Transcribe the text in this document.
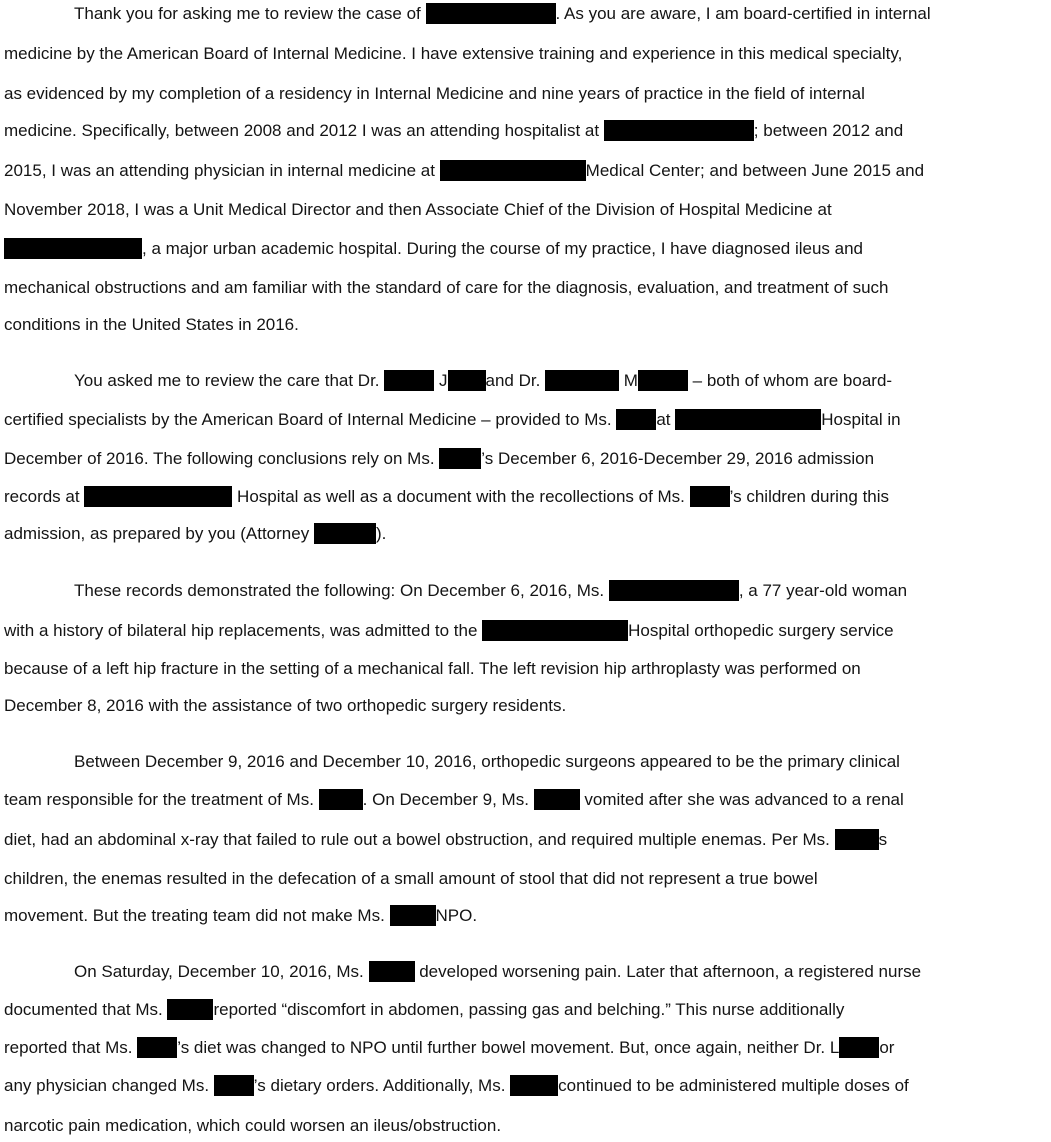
Thank you for asking me to review the case of	. As you are aware, I am board-certified in internal
medicine by the American Board of Internal Medicine. I have extensive training and experience in this medical specialty,
as evidenced by my completion of a residency in Internal Medicine and nine years of practice in the field of internal
medicine. Specifically, between 2008 and 2012 I was an attending hospitalist at	; between 2012 and
2015, I was an attending physician in internal medicine at	Medical Center; and between June 2015 and
November 2018, I was a Unit Medical Director and then Associate Chief of the Division of Hospital Medicine at
, a major urban academic hospital. During the course of my practice, I have diagnosed ileus and
mechanical obstructions and am familiar with the standard of care for the diagnosis, evaluation, and treatment of such
conditions in the United States in 2016.
You asked me to review the care that Dr.	J and Dr.	M	– both of whom are board-
certified specialists by the American Board of Internal Medicine – provided to Ms. at	Hospital in
December of 2016. The following conclusions rely on Ms. ’s December 6, 2016-December 29, 2016 admission
records at	Hospital as well as a document with the recollections of Ms. ’s children during this
admission, as prepared by you (Attorney	).
These records demonstrated the following: On December 6, 2016, Ms.	, a 77 year-old woman
with a history of bilateral hip replacements, was admitted to the	Hospital orthopedic surgery service
because of a left hip fracture in the setting of a mechanical fall. The left revision hip arthroplasty was performed on
December 8, 2016 with the assistance of two orthopedic surgery residents.
Between December 9, 2016 and December 10, 2016, orthopedic surgeons appeared to be the primary clinical
team responsible for the treatment of Ms.	. On December 9, Ms.	vomited after she was advanced to a renal
diet, had an abdominal x-ray that failed to rule out a bowel obstruction, and required multiple enemas. Per Ms.	s
children, the enemas resulted in the defecation of a small amount of stool that did not represent a true bowel
movement. But the treating team did not make Ms.	NPO.
On Saturday, December 10, 2016, Ms.	developed worsening pain. Later that afternoon, a registered nurse
documented that Ms.	reported “discomfort in abdomen, passing gas and belching.” This nurse additionally
reported that Ms. ’s diet was changed to NPO until further bowel movement. But, once again, neither Dr. L or
any physician changed Ms. ’s dietary orders. Additionally, Ms.	continued to be administered multiple doses of
narcotic pain medication, which could worsen an ileus/obstruction.
